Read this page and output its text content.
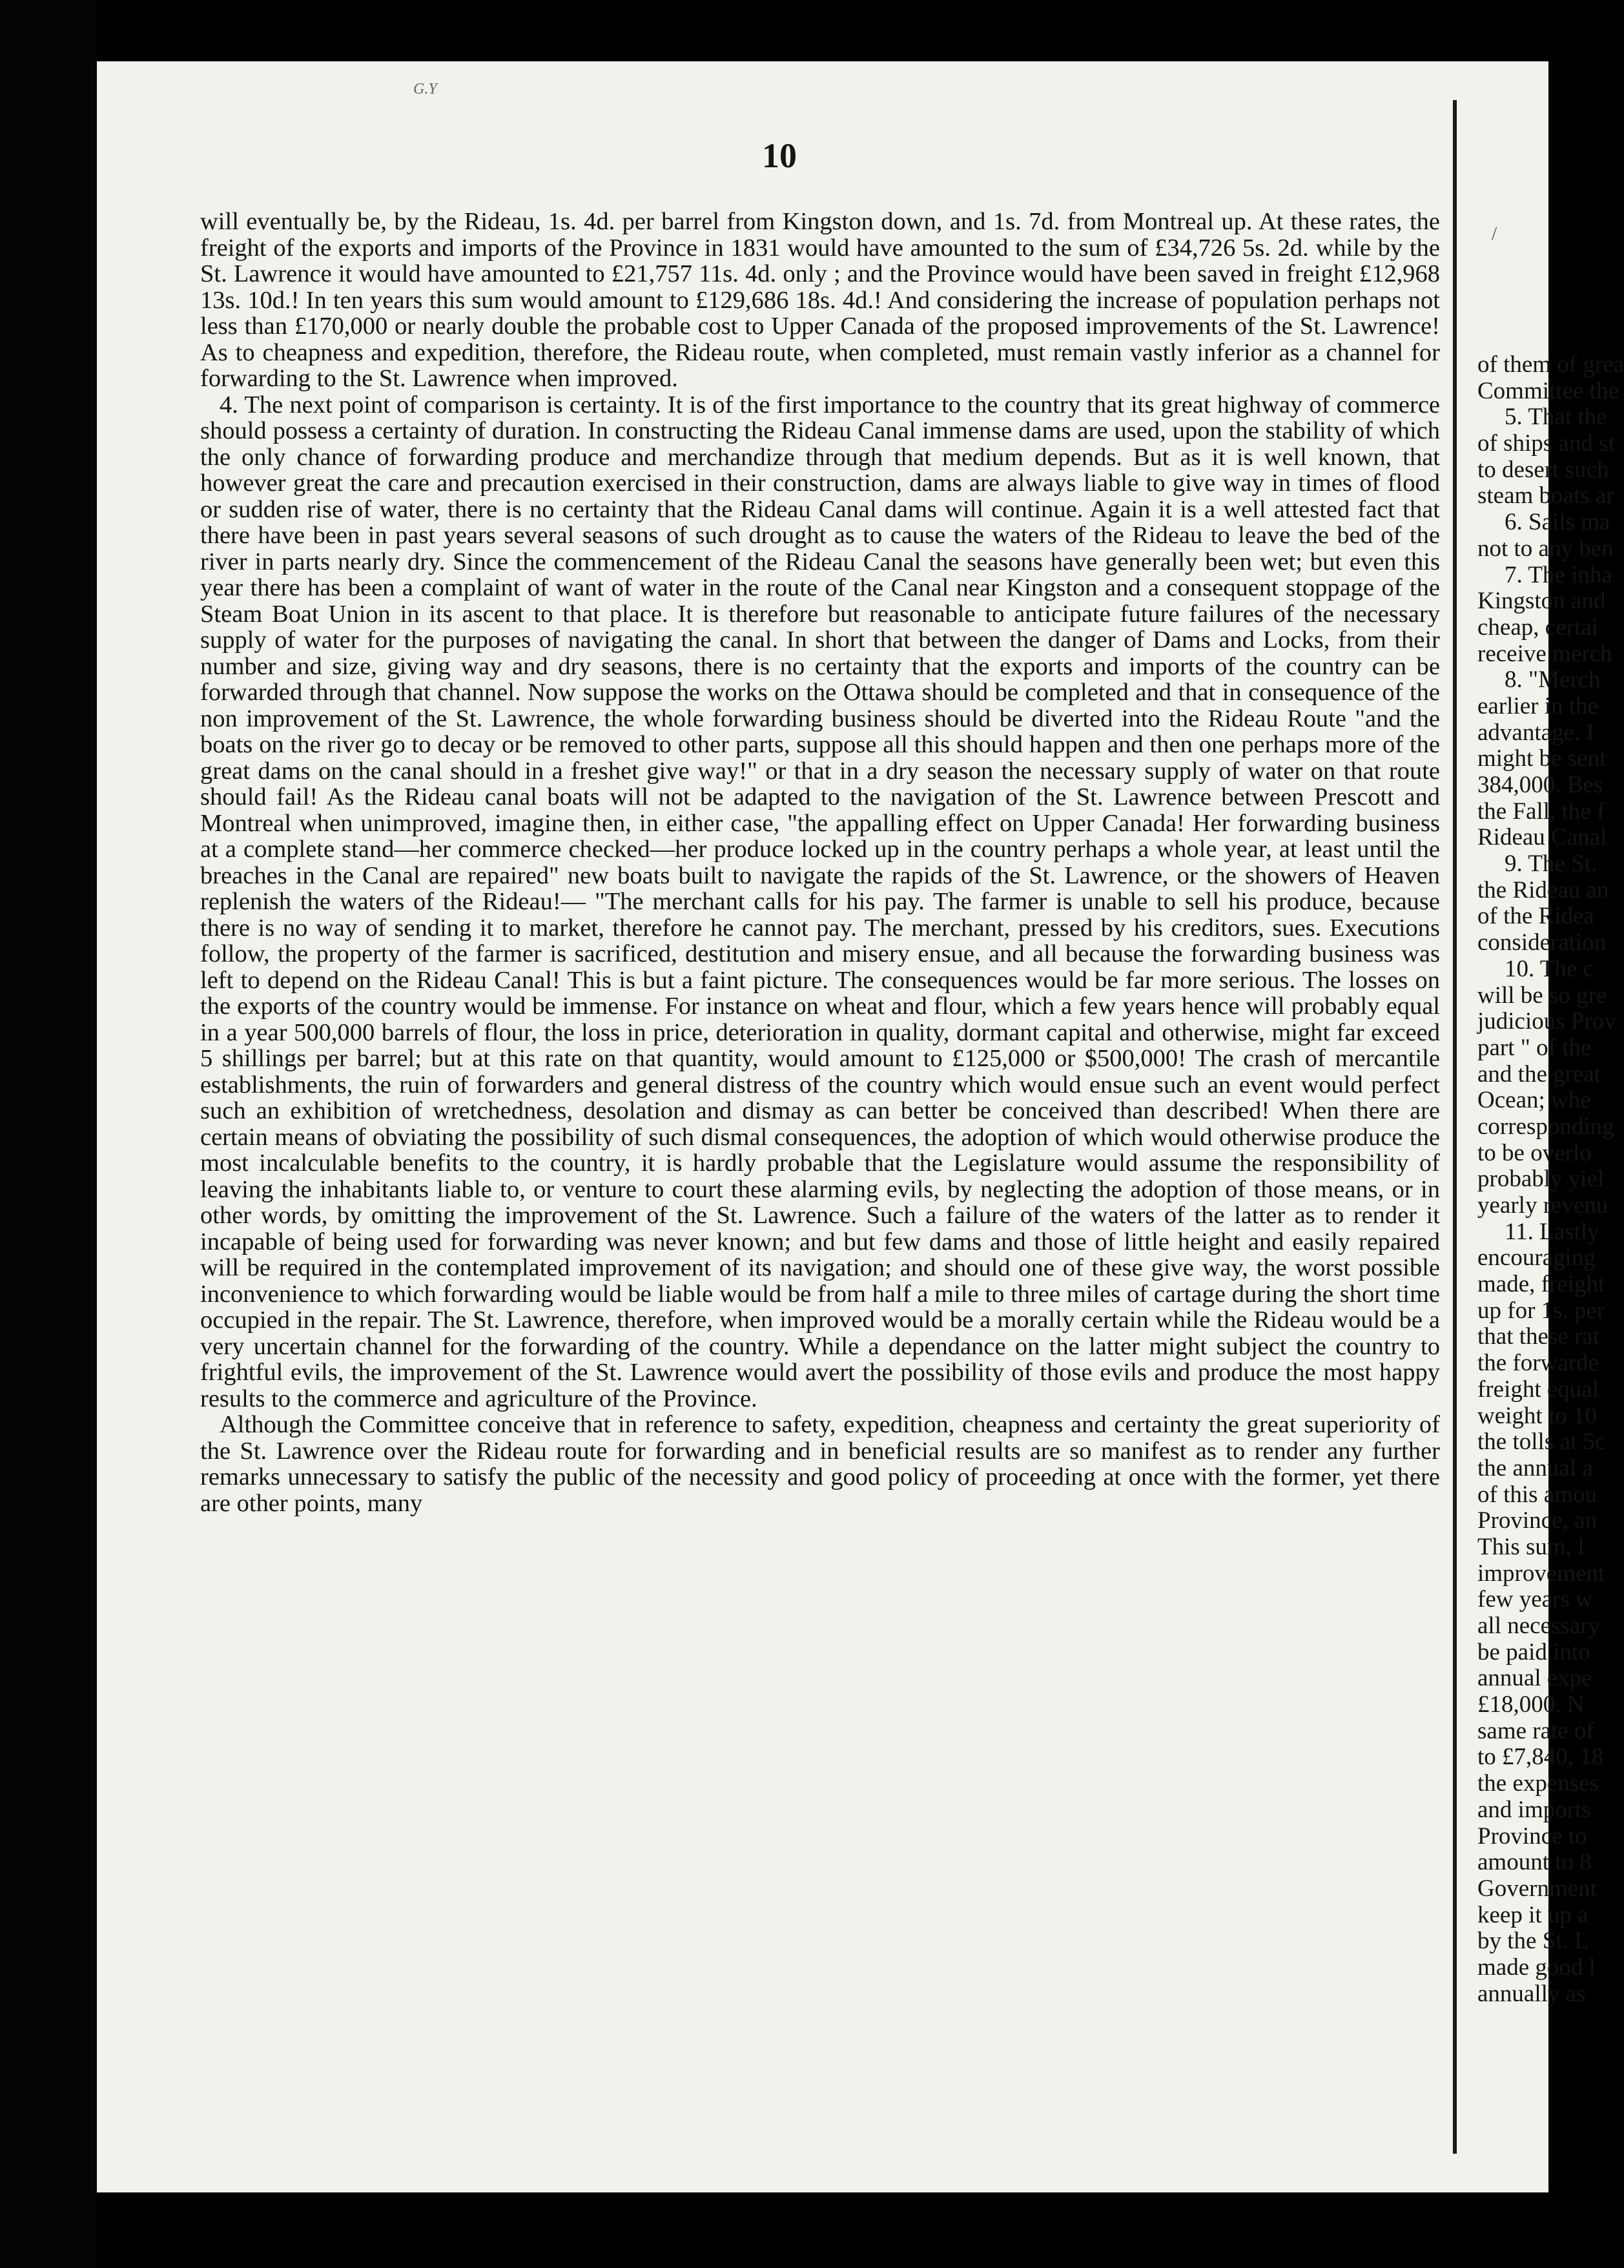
G.Y
10

will eventually be, by the Rideau, 1s. 4d. per barrel from Kingston down, and 1s. 7d. from Montreal up. At these rates, the freight of the exports and imports of the Province in 1831 would have amounted to the sum of £34,726 5s. 2d. while by the St. Lawrence it would have amounted to £21,757 11s. 4d. only ; and the Province would have been saved in freight £12,968 13s. 10d.! In ten years this sum would amount to £129,686 18s. 4d.! And considering the increase of population perhaps not less than £170,000 or nearly double the probable cost to Upper Canada of the proposed improvements of the St. Lawrence! As to cheapness and expedition, therefore, the Rideau route, when completed, must remain vastly inferior as a channel for forwarding to the St. Lawrence when improved.

4. The next point of comparison is certainty. It is of the first importance to the country that its great highway of commerce should possess a certainty of duration. In constructing the Rideau Canal immense dams are used, upon the stability of which the only chance of forwarding produce and merchandize through that medium depends. But as it is well known, that however great the care and precaution exercised in their construction, dams are always liable to give way in times of flood or sudden rise of water, there is no certainty that the Rideau Canal dams will continue. Again it is a well attested fact that there have been in past years several seasons of such drought as to cause the waters of the Rideau to leave the bed of the river in parts nearly dry. Since the commencement of the Rideau Canal the seasons have generally been wet; but even this year there has been a complaint of want of water in the route of the Canal near Kingston and a consequent stoppage of the Steam Boat Union in its ascent to that place. It is therefore but reasonable to anticipate future failures of the necessary supply of water for the purposes of navigating the canal. In short that between the danger of Dams and Locks, from their number and size, giving way and dry seasons, there is no certainty that the exports and imports of the country can be forwarded through that channel. Now suppose the works on the Ottawa should be completed and that in consequence of the non improvement of the St. Lawrence, the whole forwarding business should be diverted into the Rideau Route "and the boats on the river go to decay or be removed to other parts, suppose all this should happen and then one perhaps more of the great dams on the canal should in a freshet give way!" or that in a dry season the necessary supply of water on that route should fail! As the Rideau canal boats will not be adapted to the navigation of the St. Lawrence between Prescott and Montreal when unimproved, imagine then, in either case, "the appalling effect on Upper Canada! Her forwarding business at a complete stand—her commerce checked—her produce locked up in the country perhaps a whole year, at least until the breaches in the Canal are repaired" new boats built to navigate the rapids of the St. Lawrence, or the showers of Heaven replenish the waters of the Rideau!— "The merchant calls for his pay. The farmer is unable to sell his produce, because there is no way of sending it to market, therefore he cannot pay. The merchant, pressed by his creditors, sues. Executions follow, the property of the farmer is sacrificed, destitution and misery ensue, and all because the forwarding business was left to depend on the Rideau Canal! This is but a faint picture. The consequences would be far more serious. The losses on the exports of the country would be immense. For instance on wheat and flour, which a few years hence will probably equal in a year 500,000 barrels of flour, the loss in price, deterioration in quality, dormant capital and otherwise, might far exceed 5 shillings per barrel; but at this rate on that quantity, would amount to £125,000 or $500,000! The crash of mercantile establishments, the ruin of forwarders and general distress of the country which would ensue such an event would perfect such an exhibition of wretchedness, desolation and dismay as can better be conceived than described! When there are certain means of obviating the possibility of such dismal consequences, the adoption of which would otherwise produce the most incalculable benefits to the country, it is hardly probable that the Legislature would assume the responsibility of leaving the inhabitants liable to, or venture to court these alarming evils, by neglecting the adoption of those means, or in other words, by omitting the improvement of the St. Lawrence. Such a failure of the waters of the latter as to render it incapable of being used for forwarding was never known; and but few dams and those of little height and easily repaired will be required in the contemplated improvement of its navigation; and should one of these give way, the worst possible inconvenience to which forwarding would be liable would be from half a mile to three miles of cartage during the short time occupied in the repair. The St. Lawrence, therefore, when improved would be a morally certain while the Rideau would be a very uncertain channel for the forwarding of the country. While a dependance on the latter might subject the country to frightful evils, the improvement of the St. Lawrence would avert the possibility of those evils and produce the most happy results to the commerce and agriculture of the Province.

Although the Committee conceive that in reference to safety, expedition, cheapness and certainty the great superiority of the St. Lawrence over the Rideau route for forwarding and in beneficial results are so manifest as to render any further remarks unnecessary to satisfy the public of the necessity and good policy of proceeding at once with the former, yet there are other points, many

/
of them of grea
Committee the
5. That the
of ships and st
to desert such
steam boats ar
6. Sails ma
not to any ben
7. The inha
Kingston and
cheap, certai
receive merch
8. "Merch
earlier in the
advantage. I
might be sent
384,000. Bes
the Fall, the f
Rideau Canal
9. The St.
the Rideau an
of the Ridea
consideration
10. The c
will be so gre
judicious Prov
part " of the
and the great
Ocean; whe
corresponding
to be overlo
probably yiel
yearly revenu
11. Lastly
encouraging
made, freight
up for 1s. per
that these rat
the forwarde
freight equal
weight to 10
the tolls at 5c
the annual a
of this amou
Province, an
This sum, l
improvement
few years w
all necessary
be paid into
annual expe
£18,000. N
same rate of
to £7,840, 18
the expenses
and imports
Province to
amount to 8
Government
keep it up a
by the St. L
made good l
annually as
